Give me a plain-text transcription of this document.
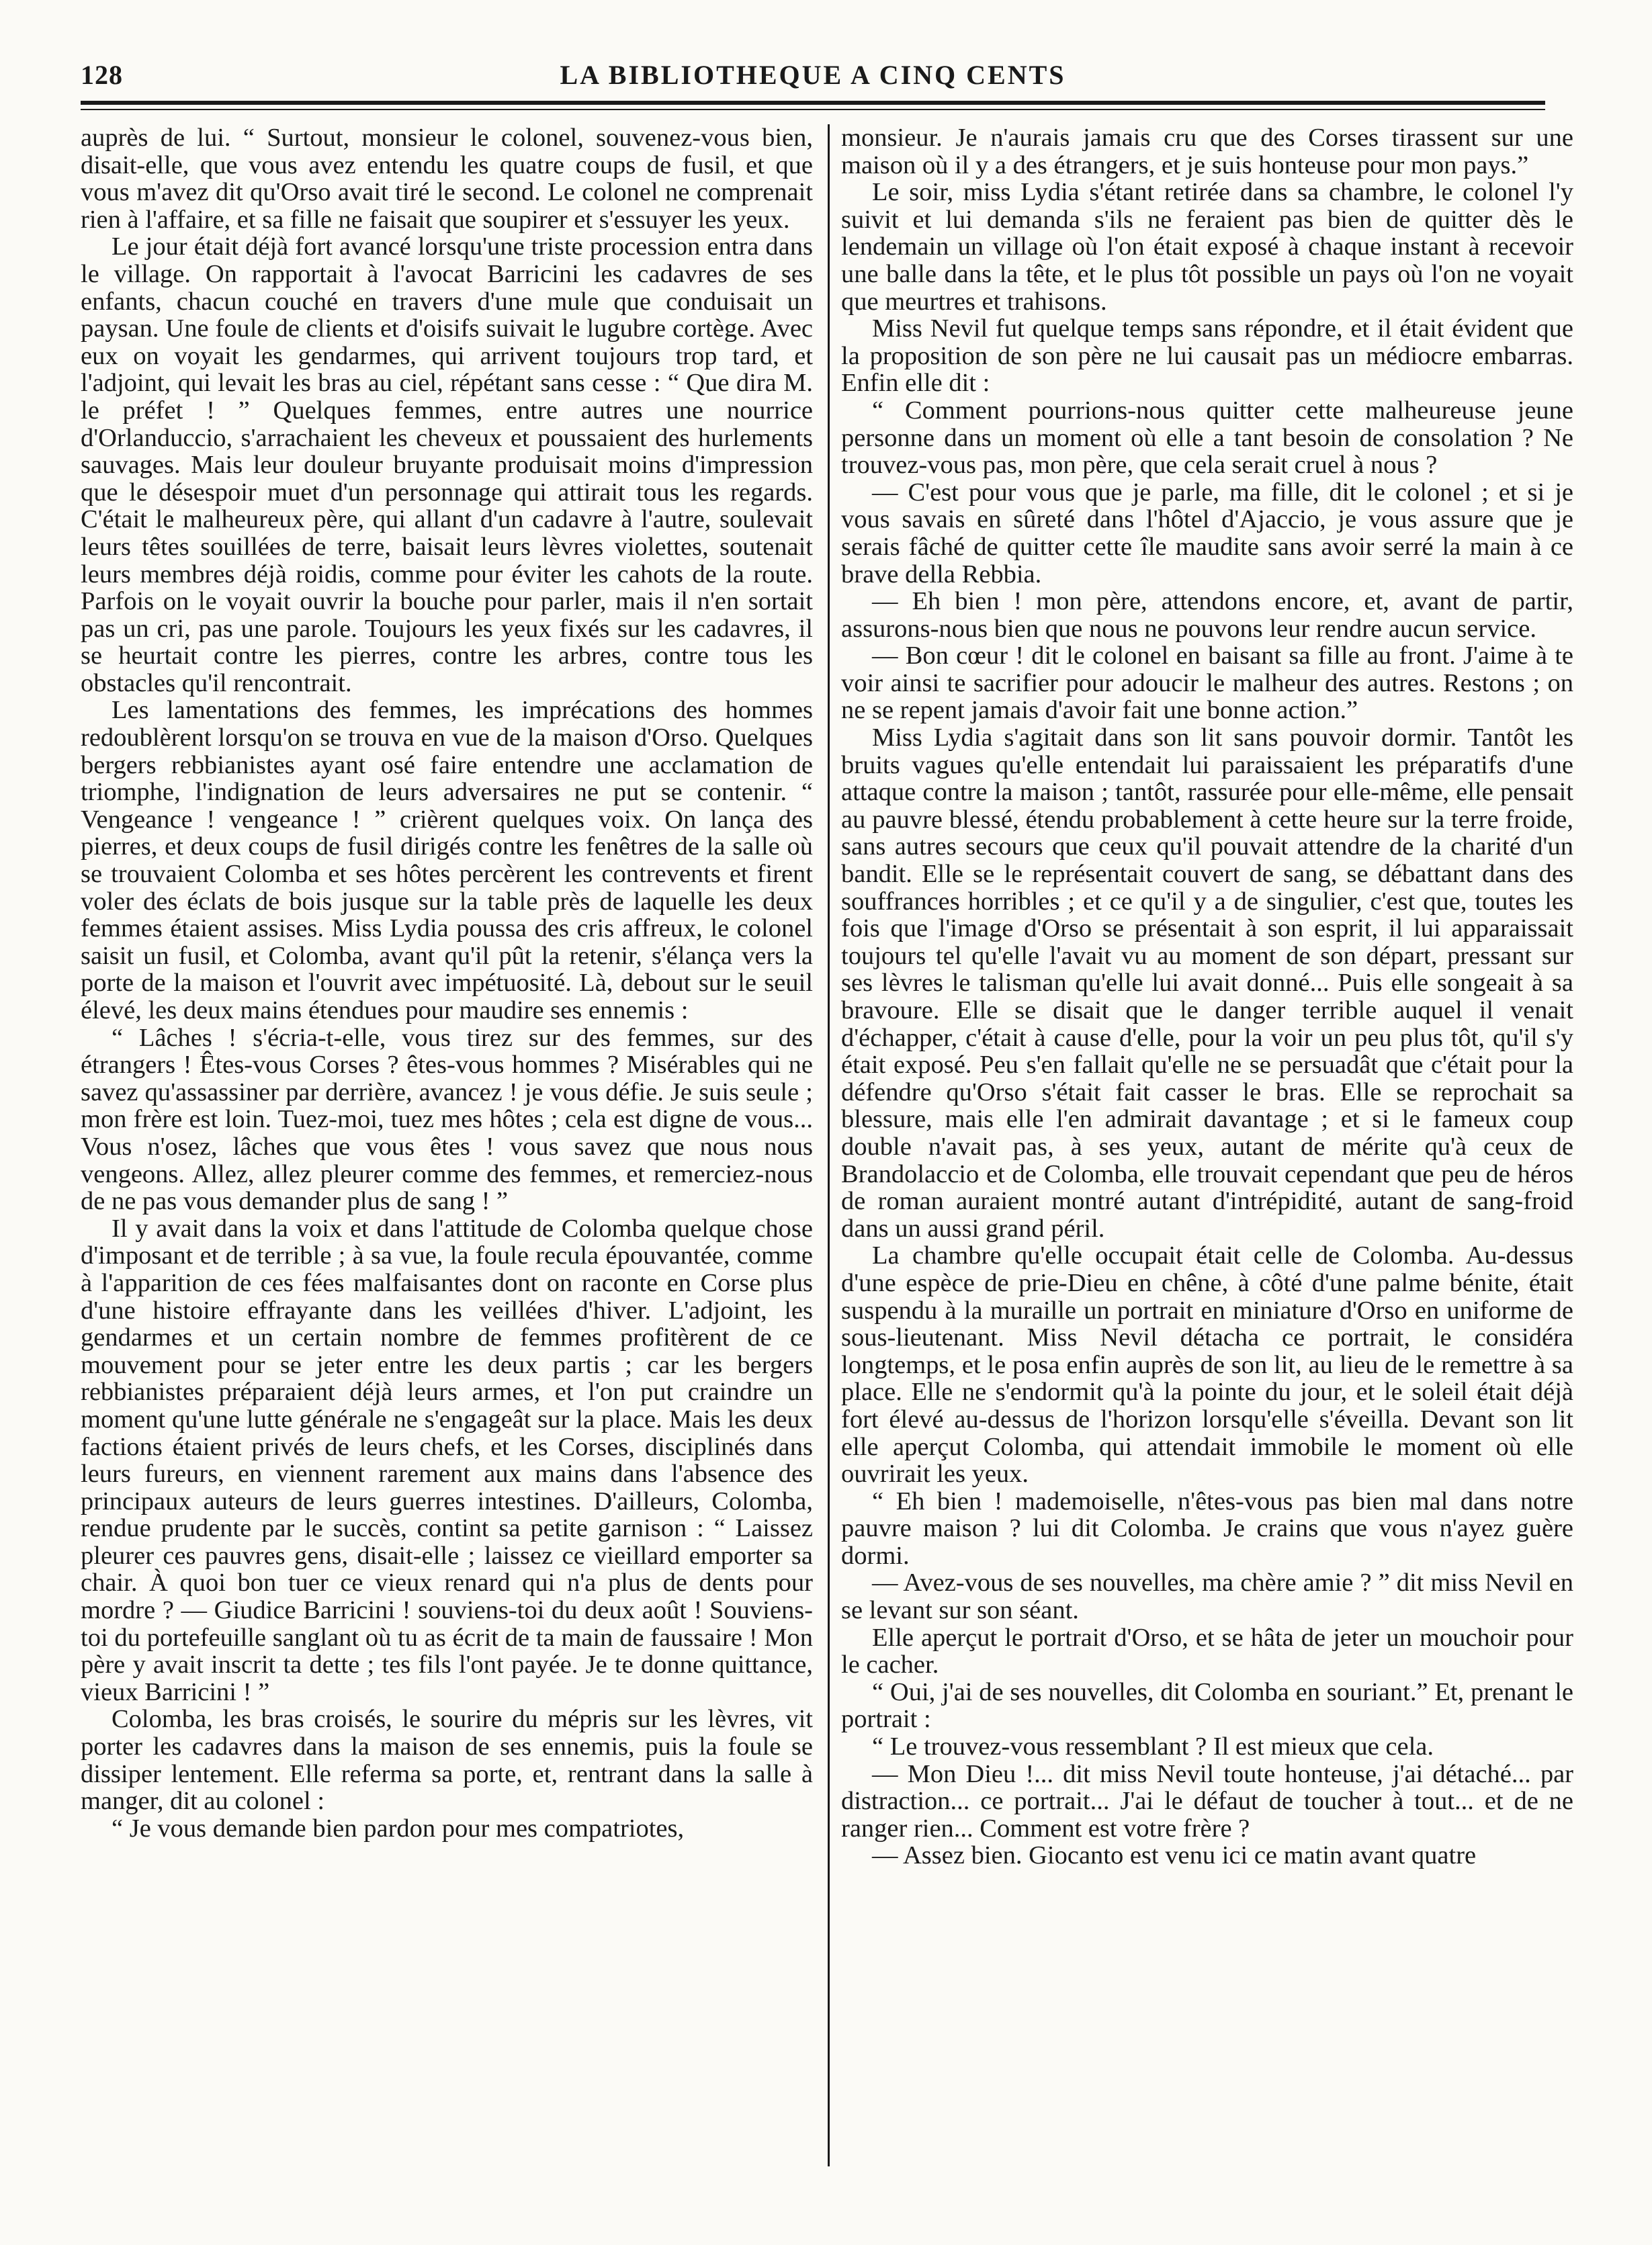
128	LA BIBLIOTHEQUE A CINQ CENTS

auprès de lui. “ Surtout, monsieur le colonel, souvenez-vous bien, disait-elle, que vous avez entendu les quatre coups de fusil, et que vous m'avez dit qu'Orso avait tiré le second. Le colonel ne comprenait rien à l'affaire, et sa fille ne faisait que soupirer et s'essuyer les yeux.

Le jour était déjà fort avancé lorsqu'une triste procession entra dans le village. On rapportait à l'avocat Barricini les cadavres de ses enfants, chacun couché en travers d'une mule que conduisait un paysan. Une foule de clients et d'oisifs suivait le lugubre cortège. Avec eux on voyait les gendarmes, qui arrivent toujours trop tard, et l'adjoint, qui levait les bras au ciel, répétant sans cesse : “ Que dira M. le préfet ! ” Quelques femmes, entre autres une nourrice d'Orlanduccio, s'arrachaient les cheveux et poussaient des hurlements sauvages. Mais leur douleur bruyante produisait moins d'impression que le désespoir muet d'un personnage qui attirait tous les regards. C'était le malheureux père, qui allant d'un cadavre à l'autre, soulevait leurs têtes souillées de terre, baisait leurs lèvres violettes, soutenait leurs membres déjà roidis, comme pour éviter les cahots de la route. Parfois on le voyait ouvrir la bouche pour parler, mais il n'en sortait pas un cri, pas une parole. Toujours les yeux fixés sur les cadavres, il se heurtait contre les pierres, contre les arbres, contre tous les obstacles qu'il rencontrait.

Les lamentations des femmes, les imprécations des hommes redoublèrent lorsqu'on se trouva en vue de la maison d'Orso. Quelques bergers rebbianistes ayant osé faire entendre une acclamation de triomphe, l'indignation de leurs adversaires ne put se contenir. “ Vengeance ! vengeance ! ” crièrent quelques voix. On lança des pierres, et deux coups de fusil dirigés contre les fenêtres de la salle où se trouvaient Colomba et ses hôtes percèrent les contrevents et firent voler des éclats de bois jusque sur la table près de laquelle les deux femmes étaient assises. Miss Lydia poussa des cris affreux, le colonel saisit un fusil, et Colomba, avant qu'il pût la retenir, s'élança vers la porte de la maison et l'ouvrit avec impétuosité. Là, debout sur le seuil élevé, les deux mains étendues pour maudire ses ennemis :

“ Lâches ! s'écria-t-elle, vous tirez sur des femmes, sur des étrangers ! Êtes-vous Corses ? êtes-vous hommes ? Misérables qui ne savez qu'assassiner par derrière, avancez ! je vous défie. Je suis seule ; mon frère est loin. Tuez-moi, tuez mes hôtes ; cela est digne de vous... Vous n'osez, lâches que vous êtes ! vous savez que nous nous vengeons. Allez, allez pleurer comme des femmes, et remerciez-nous de ne pas vous demander plus de sang ! ”

Il y avait dans la voix et dans l'attitude de Colomba quelque chose d'imposant et de terrible ; à sa vue, la foule recula épouvantée, comme à l'apparition de ces fées malfaisantes dont on raconte en Corse plus d'une histoire effrayante dans les veillées d'hiver. L'adjoint, les gendarmes et un certain nombre de femmes profitèrent de ce mouvement pour se jeter entre les deux partis ; car les bergers rebbianistes préparaient déjà leurs armes, et l'on put craindre un moment qu'une lutte générale ne s'engageât sur la place. Mais les deux factions étaient privés de leurs chefs, et les Corses, disciplinés dans leurs fureurs, en viennent rarement aux mains dans l'absence des principaux auteurs de leurs guerres intestines. D'ailleurs, Colomba, rendue prudente par le succès, contint sa petite garnison : “ Laissez pleurer ces pauvres gens, disait-elle ; laissez ce vieillard emporter sa chair. À quoi bon tuer ce vieux renard qui n'a plus de dents pour mordre ? — Giudice Barricini ! souviens-toi du deux août ! Souviens-toi du portefeuille sanglant où tu as écrit de ta main de faussaire ! Mon père y avait inscrit ta dette ; tes fils l'ont payée. Je te donne quittance, vieux Barricini ! ”

Colomba, les bras croisés, le sourire du mépris sur les lèvres, vit porter les cadavres dans la maison de ses ennemis, puis la foule se dissiper lentement. Elle referma sa porte, et, rentrant dans la salle à manger, dit au colonel :

“ Je vous demande bien pardon pour mes compatriotes,

monsieur. Je n'aurais jamais cru que des Corses tirassent sur une maison où il y a des étrangers, et je suis honteuse pour mon pays.”

Le soir, miss Lydia s'étant retirée dans sa chambre, le colonel l'y suivit et lui demanda s'ils ne feraient pas bien de quitter dès le lendemain un village où l'on était exposé à chaque instant à recevoir une balle dans la tête, et le plus tôt possible un pays où l'on ne voyait que meurtres et trahisons.

Miss Nevil fut quelque temps sans répondre, et il était évident que la proposition de son père ne lui causait pas un médiocre embarras. Enfin elle dit :

“ Comment pourrions-nous quitter cette malheureuse jeune personne dans un moment où elle a tant besoin de consolation ? Ne trouvez-vous pas, mon père, que cela serait cruel à nous ?

— C'est pour vous que je parle, ma fille, dit le colonel ; et si je vous savais en sûreté dans l'hôtel d'Ajaccio, je vous assure que je serais fâché de quitter cette île maudite sans avoir serré la main à ce brave della Rebbia.

— Eh bien ! mon père, attendons encore, et, avant de partir, assurons-nous bien que nous ne pouvons leur rendre aucun service.

— Bon cœur ! dit le colonel en baisant sa fille au front. J'aime à te voir ainsi te sacrifier pour adoucir le malheur des autres. Restons ; on ne se repent jamais d'avoir fait une bonne action.”

Miss Lydia s'agitait dans son lit sans pouvoir dormir. Tantôt les bruits vagues qu'elle entendait lui paraissaient les préparatifs d'une attaque contre la maison ; tantôt, rassurée pour elle-même, elle pensait au pauvre blessé, étendu probablement à cette heure sur la terre froide, sans autres secours que ceux qu'il pouvait attendre de la charité d'un bandit. Elle se le représentait couvert de sang, se débattant dans des souffrances horribles ; et ce qu'il y a de singulier, c'est que, toutes les fois que l'image d'Orso se présentait à son esprit, il lui apparaissait toujours tel qu'elle l'avait vu au moment de son départ, pressant sur ses lèvres le talisman qu'elle lui avait donné... Puis elle songeait à sa bravoure. Elle se disait que le danger terrible auquel il venait d'échapper, c'était à cause d'elle, pour la voir un peu plus tôt, qu'il s'y était exposé. Peu s'en fallait qu'elle ne se persuadât que c'était pour la défendre qu'Orso s'était fait casser le bras. Elle se reprochait sa blessure, mais elle l'en admirait davantage ; et si le fameux coup double n'avait pas, à ses yeux, autant de mérite qu'à ceux de Brandolaccio et de Colomba, elle trouvait cependant que peu de héros de roman auraient montré autant d'intrépidité, autant de sang-froid dans un aussi grand péril.

La chambre qu'elle occupait était celle de Colomba. Au-dessus d'une espèce de prie-Dieu en chêne, à côté d'une palme bénite, était suspendu à la muraille un portrait en miniature d'Orso en uniforme de sous-lieutenant. Miss Nevil détacha ce portrait, le considéra longtemps, et le posa enfin auprès de son lit, au lieu de le remettre à sa place. Elle ne s'endormit qu'à la pointe du jour, et le soleil était déjà fort élevé au-dessus de l'horizon lorsqu'elle s'éveilla. Devant son lit elle aperçut Colomba, qui attendait immobile le moment où elle ouvrirait les yeux.

“ Eh bien ! mademoiselle, n'êtes-vous pas bien mal dans notre pauvre maison ? lui dit Colomba. Je crains que vous n'ayez guère dormi.

— Avez-vous de ses nouvelles, ma chère amie ? ” dit miss Nevil en se levant sur son séant.

Elle aperçut le portrait d'Orso, et se hâta de jeter un mouchoir pour le cacher.

“ Oui, j'ai de ses nouvelles, dit Colomba en souriant.” Et, prenant le portrait :

“ Le trouvez-vous ressemblant ? Il est mieux que cela.

— Mon Dieu !... dit miss Nevil toute honteuse, j'ai détaché... par distraction... ce portrait... J'ai le défaut de toucher à tout... et de ne ranger rien... Comment est votre frère ?

— Assez bien. Giocanto est venu ici ce matin avant quatre
